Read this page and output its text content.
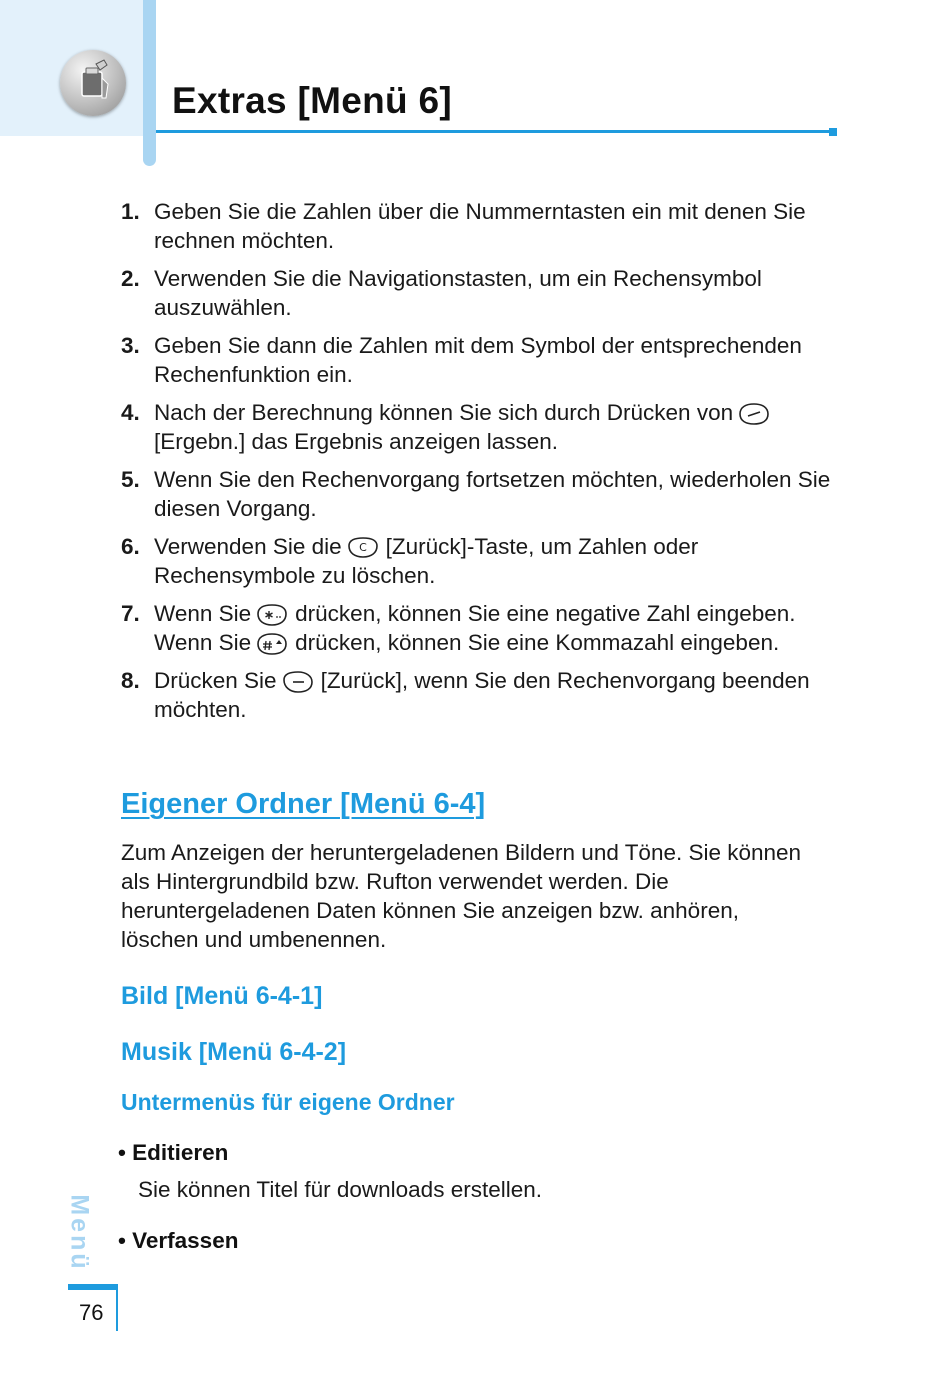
Extras [Menü 6]
1. Geben Sie die Zahlen über die Nummerntasten ein mit denen Sie rechnen möchten.
2. Verwenden Sie die Navigationstasten, um ein Rechensymbol auszuwählen.
3. Geben Sie dann die Zahlen mit dem Symbol der entsprechenden Rechenfunktion ein.
4. Nach der Berechnung können Sie sich durch Drücken von
[Ergebn.] das Ergebnis anzeigen lassen.
5. Wenn Sie den Rechenvorgang fortsetzen möchten, wiederholen Sie diesen Vorgang.
6. Verwenden Sie die C [Zurück]-Taste, um Zahlen oder Rechensymbole zu löschen.
7. Wenn Sie drücken, können Sie eine negative Zahl eingeben. Wenn Sie drücken, können Sie eine Kommazahl eingeben.
8. Drücken Sie [Zurück], wenn Sie den Rechenvorgang beenden möchten.
Eigener Ordner [Menü 6-4]

Zum Anzeigen der heruntergeladenen Bildern und Töne. Sie können als Hintergrundbild bzw. Rufton verwendet werden. Die heruntergeladenen Daten können Sie anzeigen bzw. anhören, löschen und umbenennen.

Bild [Menü 6-4-1]
Musik [Menü 6-4-2]
Untermenüs für eigene Ordner

• Editieren

Sie können Titel für downloads erstellen.

• Verfassen

Menü

76
